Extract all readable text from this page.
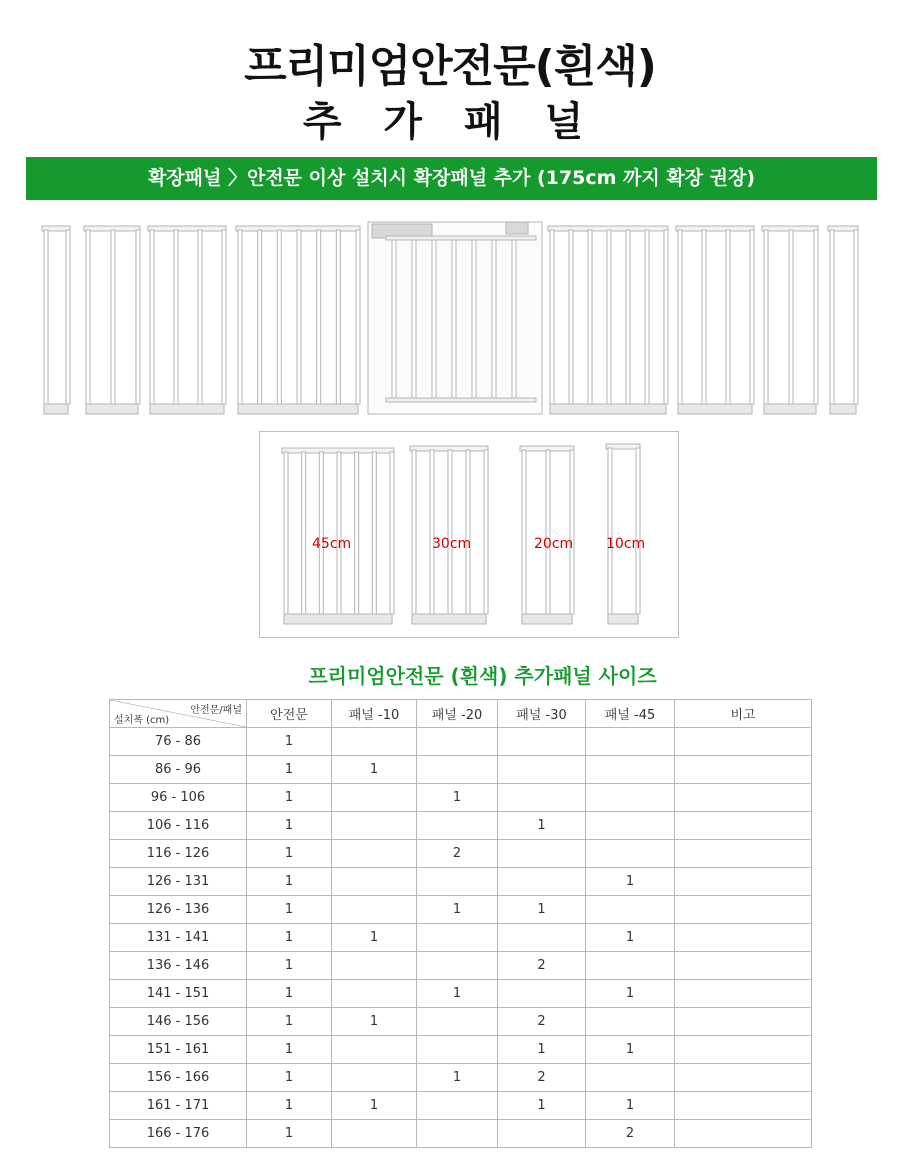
프리미엄안전문(흰색)
추 가 패 널
확장패널 〉안전문 이상 설치시 확장패널 추가 (175cm 까지 확장 권장)
45cm	30cm	20cm 10cm
프리미엄안전문 (흰색) 추가패널 사이즈
안전문/패널
설치폭 (cm)	안전문	패널 -10	패널 -20	패널 -30	패널 -45	비고
76 - 86	1					
86 - 96	1	1				
96 - 106	1		1			
106 - 116	1			1		
116 - 126	1		2			
126 - 131	1				1	
126 - 136	1		1	1		
131 - 141	1	1			1	
136 - 146	1			2		
141 - 151	1		1		1	
146 - 156	1	1		2		
151 - 161	1			1	1	
156 - 166	1		1	2		
161 - 171	1	1		1	1	
166 - 176	1				2	
